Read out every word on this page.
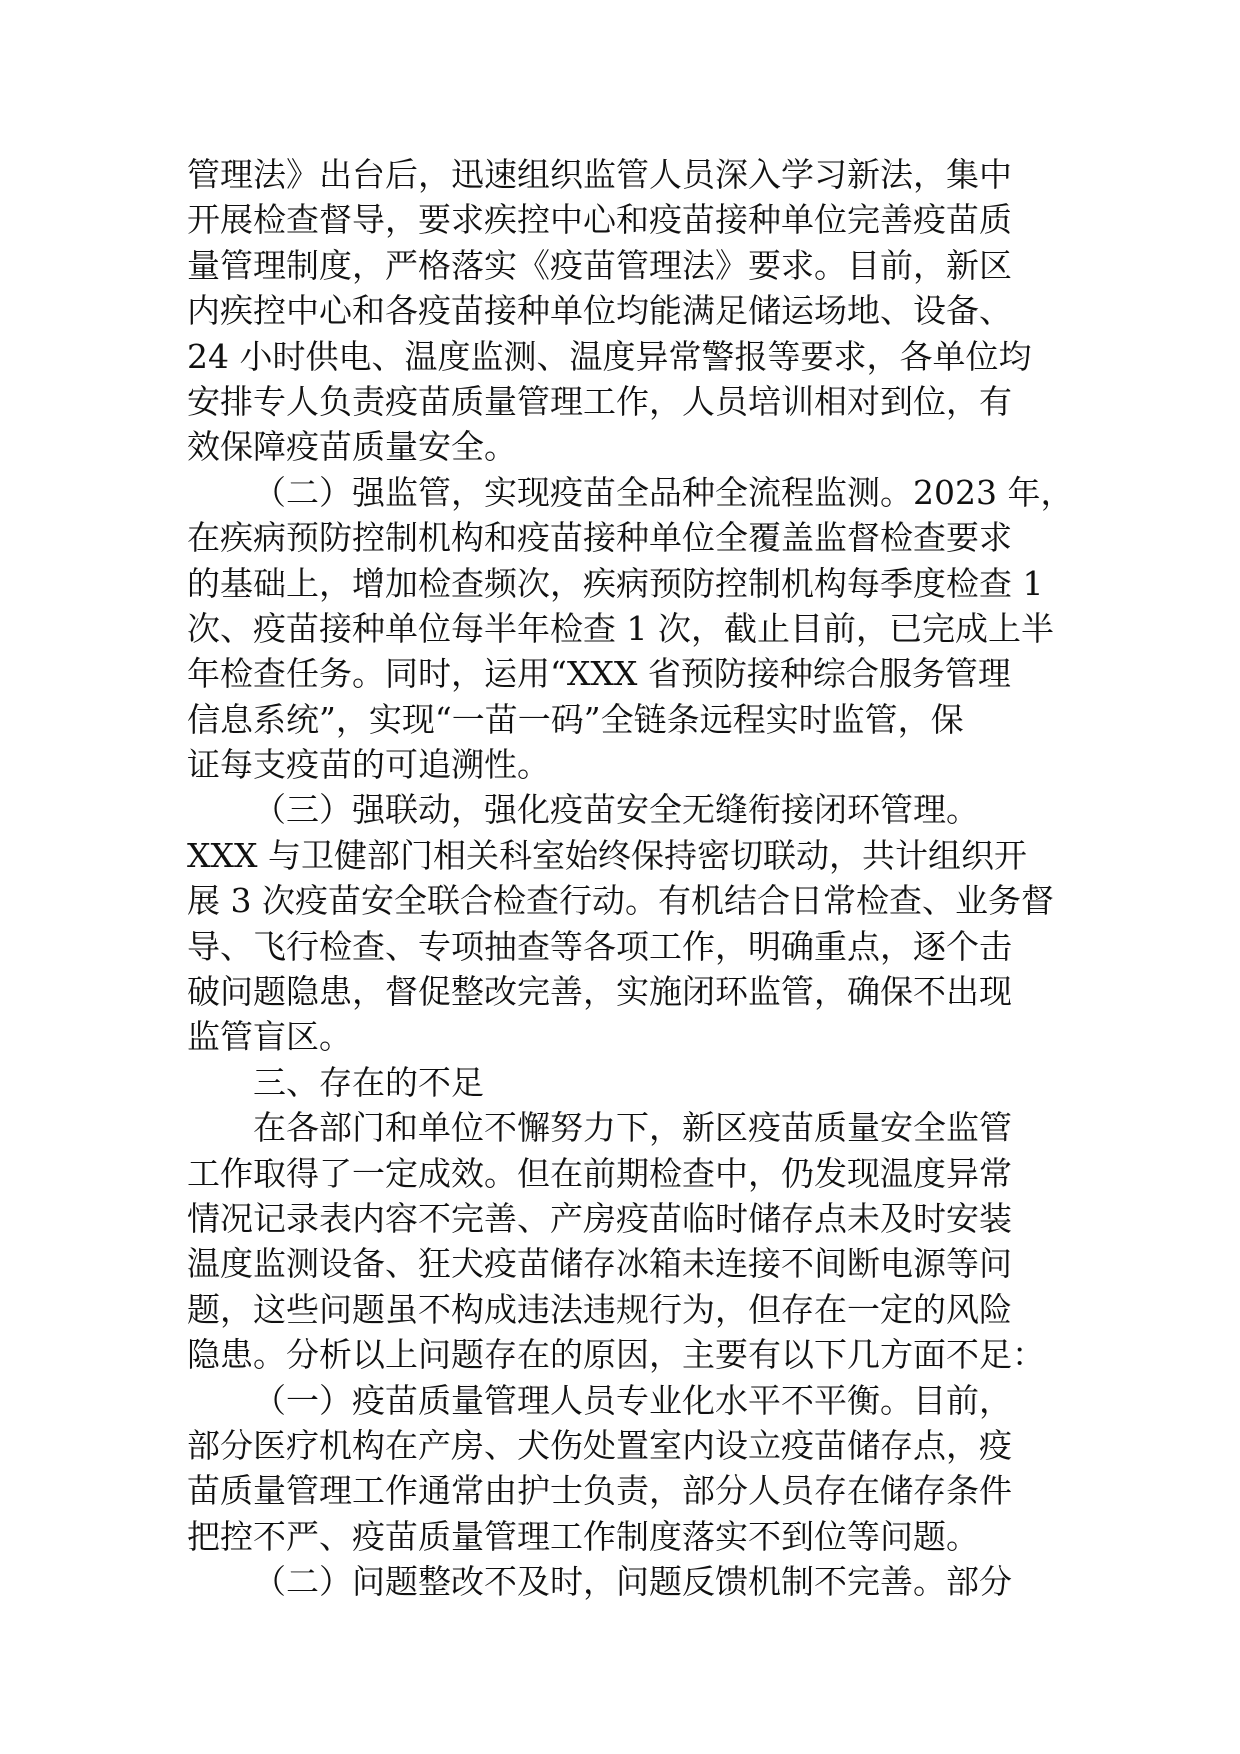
管理法》出台后，迅速组织监管人员深入学习新法，集中
开展检查督导，要求疾控中心和疫苗接种单位完善疫苗质
量管理制度，严格落实《疫苗管理法》要求。目前，新区
内疾控中心和各疫苗接种单位均能满足储运场地、设备、
24 小时供电、温度监测、温度异常警报等要求，各单位均
安排专人负责疫苗质量管理工作，人员培训相对到位，有
效保障疫苗质量安全。
（二）强监管，实现疫苗全品种全流程监测。2023 年，
在疾病预防控制机构和疫苗接种单位全覆盖监督检查要求
的基础上，增加检查频次，疾病预防控制机构每季度检查 1
次、疫苗接种单位每半年检查 1 次，截止目前，已完成上半
年检查任务。同时，运用“XXX 省预防接种综合服务管理
信息系统”，实现“一苗一码”全链条远程实时监管，保
证每支疫苗的可追溯性。
（三）强联动，强化疫苗安全无缝衔接闭环管理。
XXX 与卫健部门相关科室始终保持密切联动，共计组织开
展 3 次疫苗安全联合检查行动。有机结合日常检查、业务督
导、飞行检查、专项抽查等各项工作，明确重点，逐个击
破问题隐患，督促整改完善，实施闭环监管，确保不出现
监管盲区。
三、存在的不足
在各部门和单位不懈努力下，新区疫苗质量安全监管
工作取得了一定成效。但在前期检查中，仍发现温度异常
情况记录表内容不完善、产房疫苗临时储存点未及时安装
温度监测设备、狂犬疫苗储存冰箱未连接不间断电源等问
题，这些问题虽不构成违法违规行为，但存在一定的风险
隐患。分析以上问题存在的原因，主要有以下几方面不足：
（一）疫苗质量管理人员专业化水平不平衡。目前，
部分医疗机构在产房、犬伤处置室内设立疫苗储存点，疫
苗质量管理工作通常由护士负责，部分人员存在储存条件
把控不严、疫苗质量管理工作制度落实不到位等问题。
（二）问题整改不及时，问题反馈机制不完善。部分
